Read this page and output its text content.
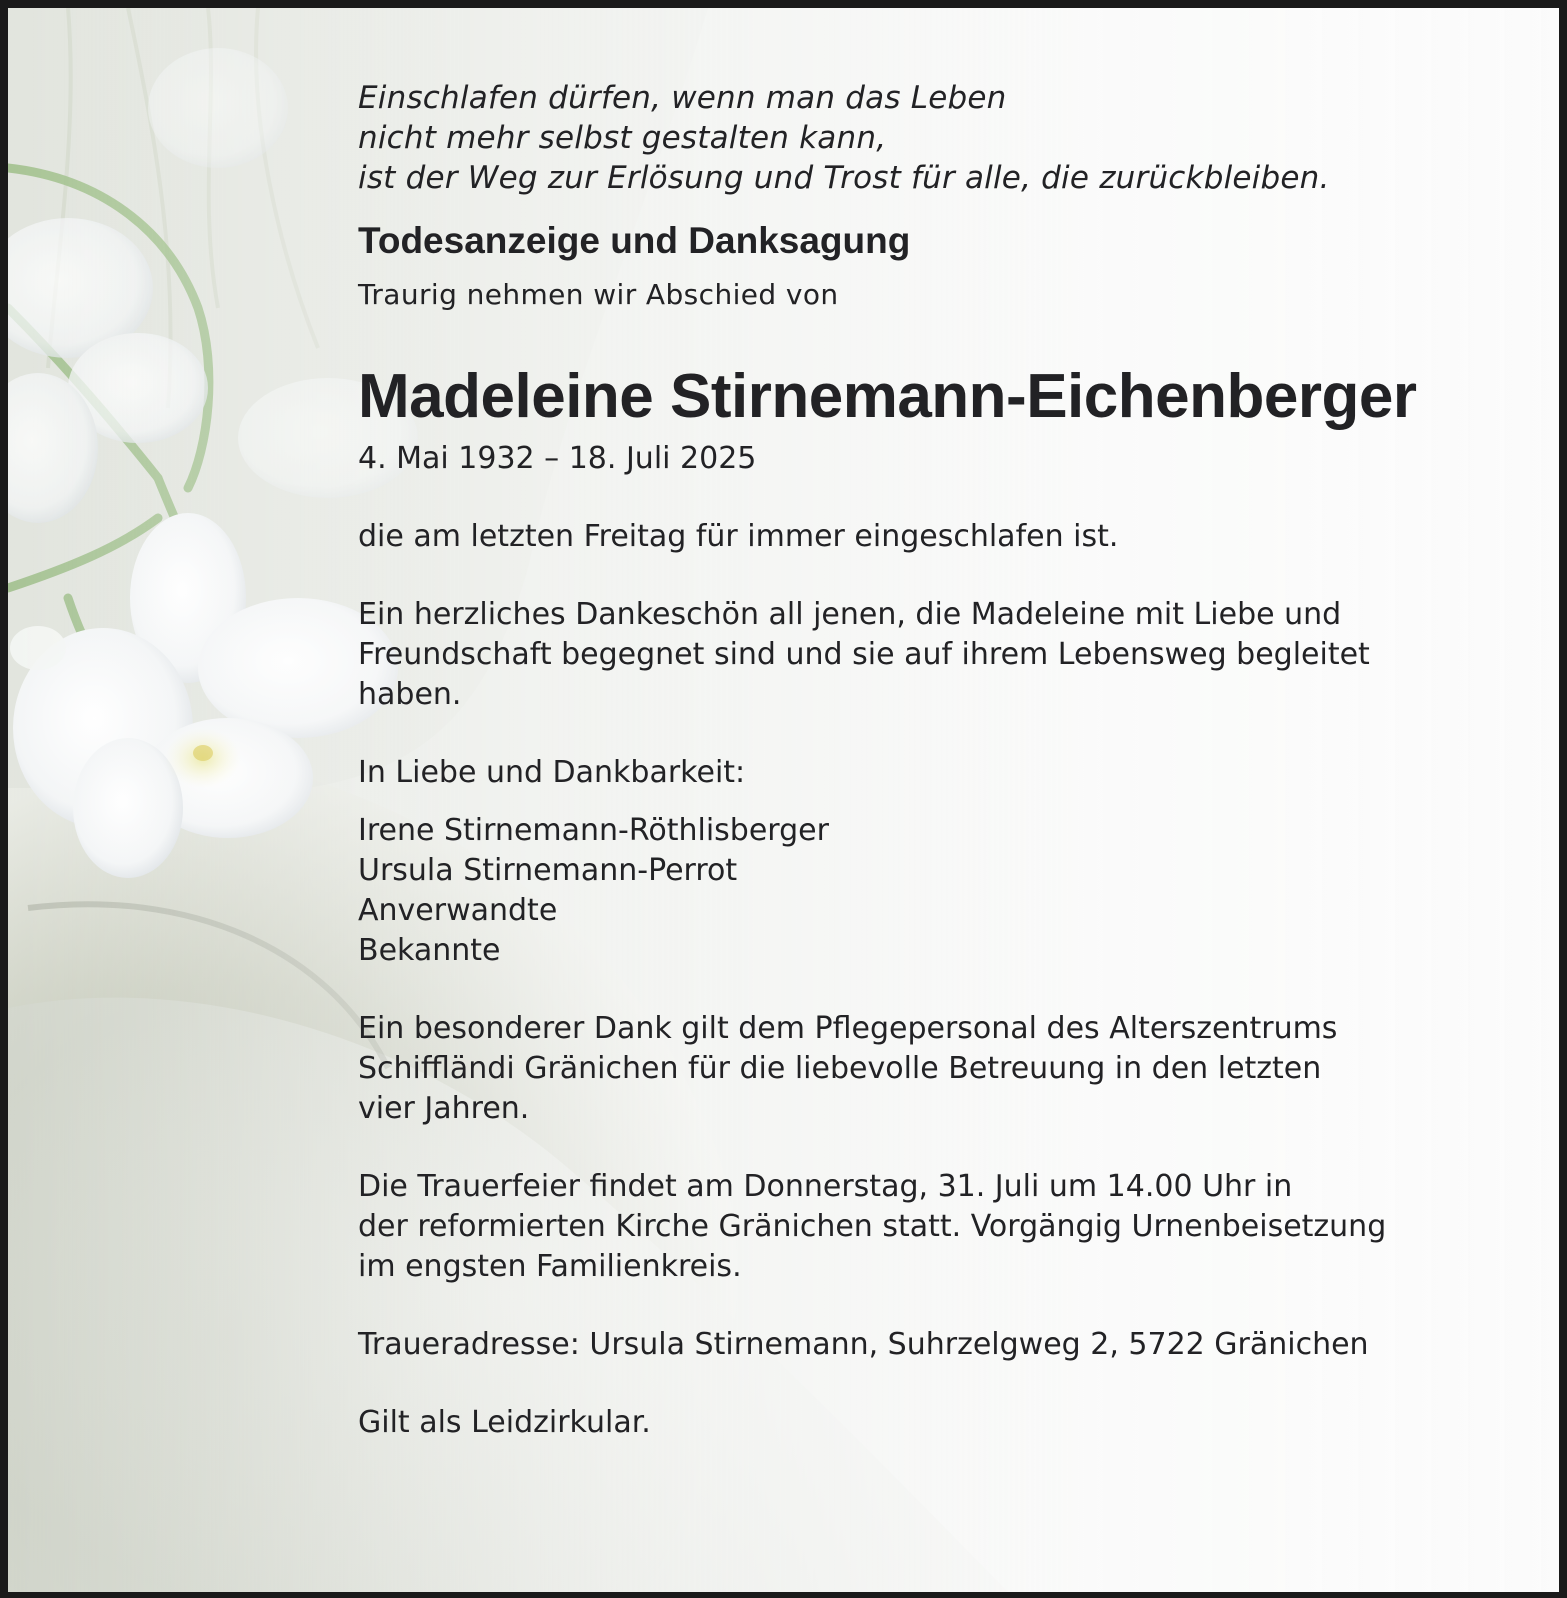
Einschlafen dürfen, wenn man das Leben
nicht mehr selbst gestalten kann,
ist der Weg zur Erlösung und Trost für alle, die zurückbleiben.
Todesanzeige und Danksagung
Traurig nehmen wir Abschied von
Madeleine Stirnemann-Eichenberger
4. Mai 1932 – 18. Juli 2025
die am letzten Freitag für immer eingeschlafen ist.
Ein herzliches Dankeschön all jenen, die Madeleine mit Liebe und
Freundschaft begegnet sind und sie auf ihrem Lebensweg begleitet
haben.
In Liebe und Dankbarkeit:
Irene Stirnemann-Röthlisberger
Ursula Stirnemann-Perrot
Anverwandte
Bekannte
Ein besonderer Dank gilt dem Pflegepersonal des Alterszentrums
Schiffländi Gränichen für die liebevolle Betreuung in den letzten
vier Jahren.
Die Trauerfeier findet am Donnerstag, 31. Juli um 14.00 Uhr in
der reformierten Kirche Gränichen statt. Vorgängig Urnenbeisetzung
im engsten Familienkreis.
Traueradresse: Ursula Stirnemann, Suhrzelgweg 2, 5722 Gränichen
Gilt als Leidzirkular.
